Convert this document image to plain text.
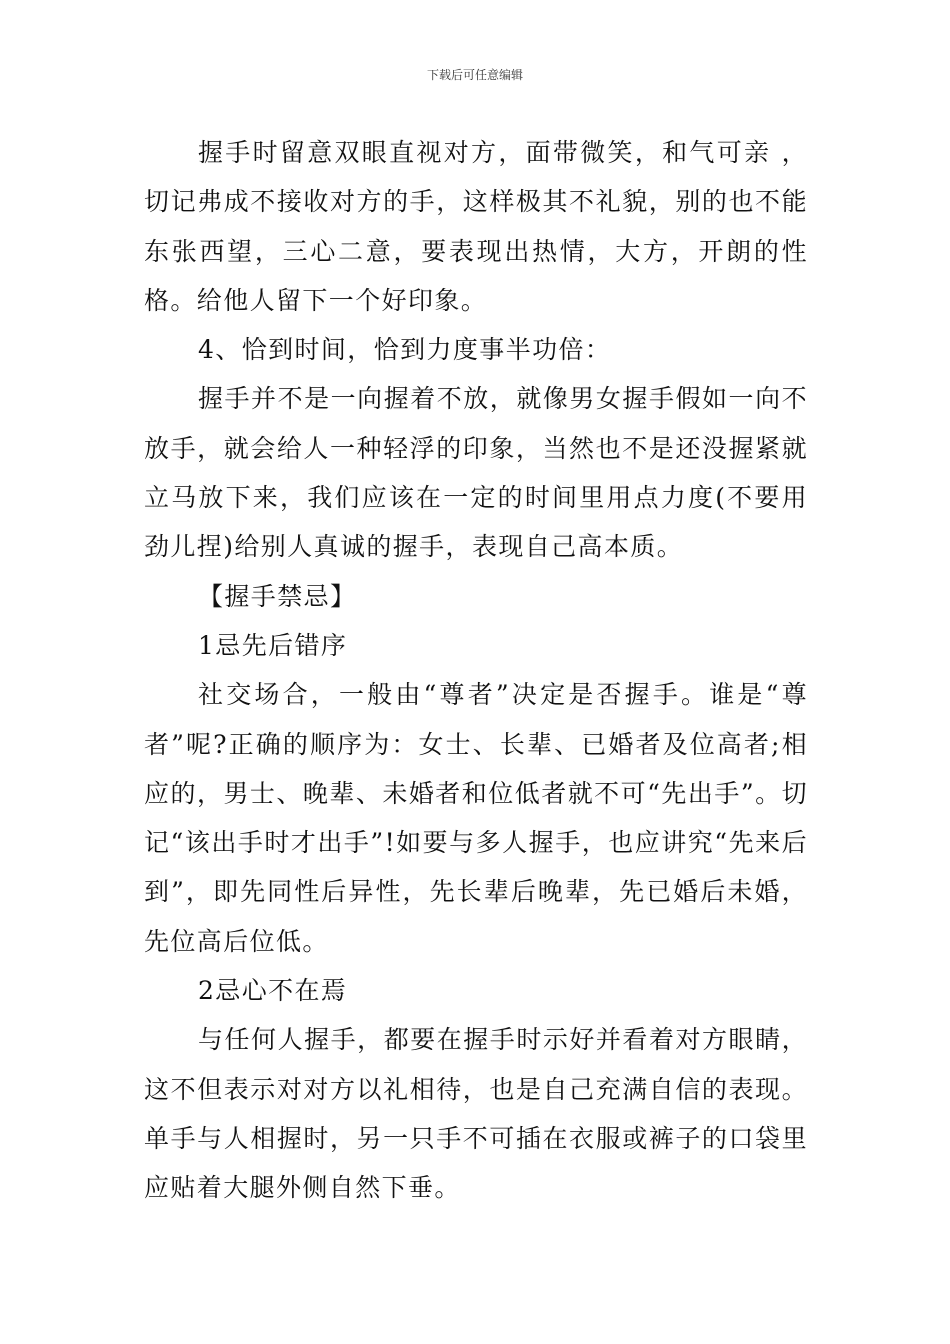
下载后可任意编辑

握手时留意双眼直视对方，面带微笑，和气可亲 ，切记弗成不接收对方的手，这样极其不礼貌，别的也不能东张西望，三心二意，要表现出热情，大方，开朗的性格。给他人留下一个好印象。

4、恰到时间，恰到力度事半功倍：

握手并不是一向握着不放，就像男女握手假如一向不放手，就会给人一种轻浮的印象，当然也不是还没握紧就立马放下来，我们应该在一定的时间里用点力度(不要用劲儿捏)给别人真诚的握手，表现自己高本质。

【握手禁忌】

1忌先后错序

社交场合，一般由“尊者”决定是否握手。谁是“尊者”呢?正确的顺序为：女士、长辈、已婚者及位高者;相应的，男士、晚辈、未婚者和位低者就不可“先出手”。切记“该出手时才出手”!如要与多人握手，也应讲究“先来后到”，即先同性后异性，先长辈后晚辈，先已婚后未婚，先位高后位低。

2忌心不在焉

与任何人握手，都要在握手时示好并看着对方眼睛，这不但表示对对方以礼相待，也是自己充满自信的表现。单手与人相握时，另一只手不可插在衣服或裤子的口袋里应贴着大腿外侧自然下垂。
